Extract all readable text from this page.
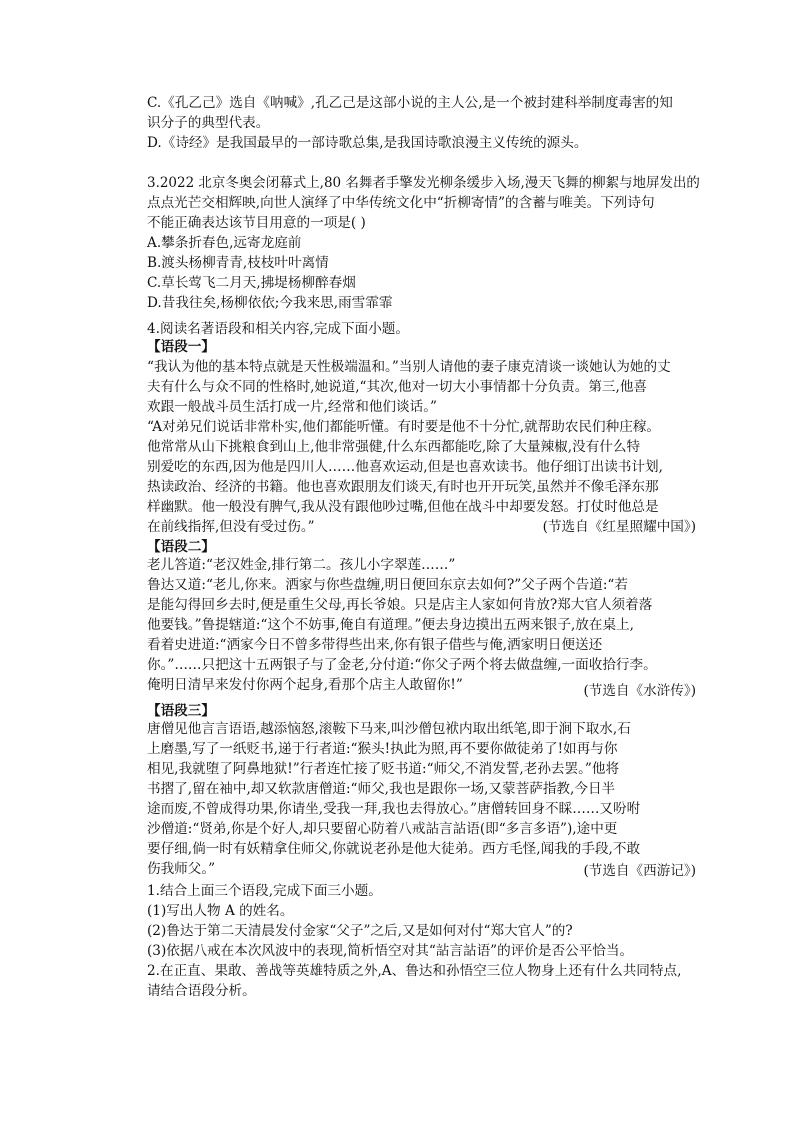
C.《孔乙己》选自《呐喊》,孔乙己是这部小说的主人公,是一个被封建科举制度毒害的知
识分子的典型代表。
D.《诗经》是我国最早的一部诗歌总集,是我国诗歌浪漫主义传统的源头。
3.2022 北京冬奥会闭幕式上,80 名舞者手擎发光柳条缓步入场,漫天飞舞的柳絮与地屏发出的
点点光芒交相辉映,向世人演绎了中华传统文化中“折柳寄情”的含蓄与唯美。下列诗句
不能正确表达该节目用意的一项是( )
A.攀条折春色,远寄龙庭前
B.渡头杨柳青青,枝枝叶叶离情
C.草长莺飞二月天,拂堤杨柳醉春烟
D.昔我往矣,杨柳依依;今我来思,雨雪霏霏
4.阅读名著语段和相关内容,完成下面小题。
【语段一】
“我认为他的基本特点就是天性极端温和。”当别人请他的妻子康克清谈一谈她认为她的丈
夫有什么与众不同的性格时,她说道,“其次,他对一切大小事情都十分负责。第三,他喜
欢跟一般战斗员生活打成一片,经常和他们谈话。”
“A对弟兄们说话非常朴实,他们都能听懂。有时要是他不十分忙,就帮助农民们种庄稼。
他常常从山下挑粮食到山上,他非常强健,什么东西都能吃,除了大量辣椒,没有什么特
别爱吃的东西,因为他是四川人……他喜欢运动,但是也喜欢读书。他仔细订出读书计划,
热读政治、经济的书籍。他也喜欢跟朋友们谈天,有时也开开玩笑,虽然并不像毛泽东那
样幽默。他一般没有脾气,我从没有跟他吵过嘴,但他在战斗中却要发怒。打仗时他总是
在前线指挥,但没有受过伤。”	(节选自《红星照耀中国》)
【语段二】
老儿答道:“老汉姓金,排行第二。孩儿小字翠莲……”
鲁达又道:“老儿,你来。洒家与你些盘缠,明日便回东京去如何?”父子两个告道:“若
是能勾得回乡去时,便是重生父母,再长爷娘。只是店主人家如何肯放?郑大官人须着落
他要钱。”鲁提辖道:“这个不妨事,俺自有道理。”便去身边摸出五两来银子,放在桌上,
看着史进道:“洒家今日不曾多带得些出来,你有银子借些与俺,洒家明日便送还
你。”……只把这十五两银子与了金老,分付道:“你父子两个将去做盘缠,一面收拾行李。
俺明日清早来发付你两个起身,看那个店主人敢留你!”	(节选自《水浒传》)
【语段三】
唐僧见他言言语语,越添恼怒,滚鞍下马来,叫沙僧包袱内取出纸笔,即于涧下取水,石
上磨墨,写了一纸贬书,递于行者道:“猴头!执此为照,再不要你做徒弟了!如再与你
相见,我就堕了阿鼻地狱!”行者连忙接了贬书道:“师父,不消发誓,老孙去罢。”他将
书摺了,留在袖中,却又软款唐僧道:“师父,我也是跟你一场,又蒙菩萨指教,今日半
途而废,不曾成得功果,你请坐,受我一拜,我也去得放心。”唐僧转回身不睬……又吩咐
沙僧道:“贤弟,你是个好人,却只要留心防着八戒詀言詀语(即“多言多语”),途中更
要仔细,倘一时有妖精拿住师父,你就说老孙是他大徒弟。西方毛怪,闻我的手段,不敢
伤我师父。”	(节选自《西游记》)
1.结合上面三个语段,完成下面三小题。
(1)写出人物 A 的姓名。
(2)鲁达于第二天清晨发付金家“父子”之后,又是如何对付“郑大官人”的?
(3)依据八戒在本次风波中的表现,简析悟空对其“詀言詀语”的评价是否公平恰当。
2.在正直、果敢、善战等英雄特质之外,A、鲁达和孙悟空三位人物身上还有什么共同特点,
请结合语段分析。
